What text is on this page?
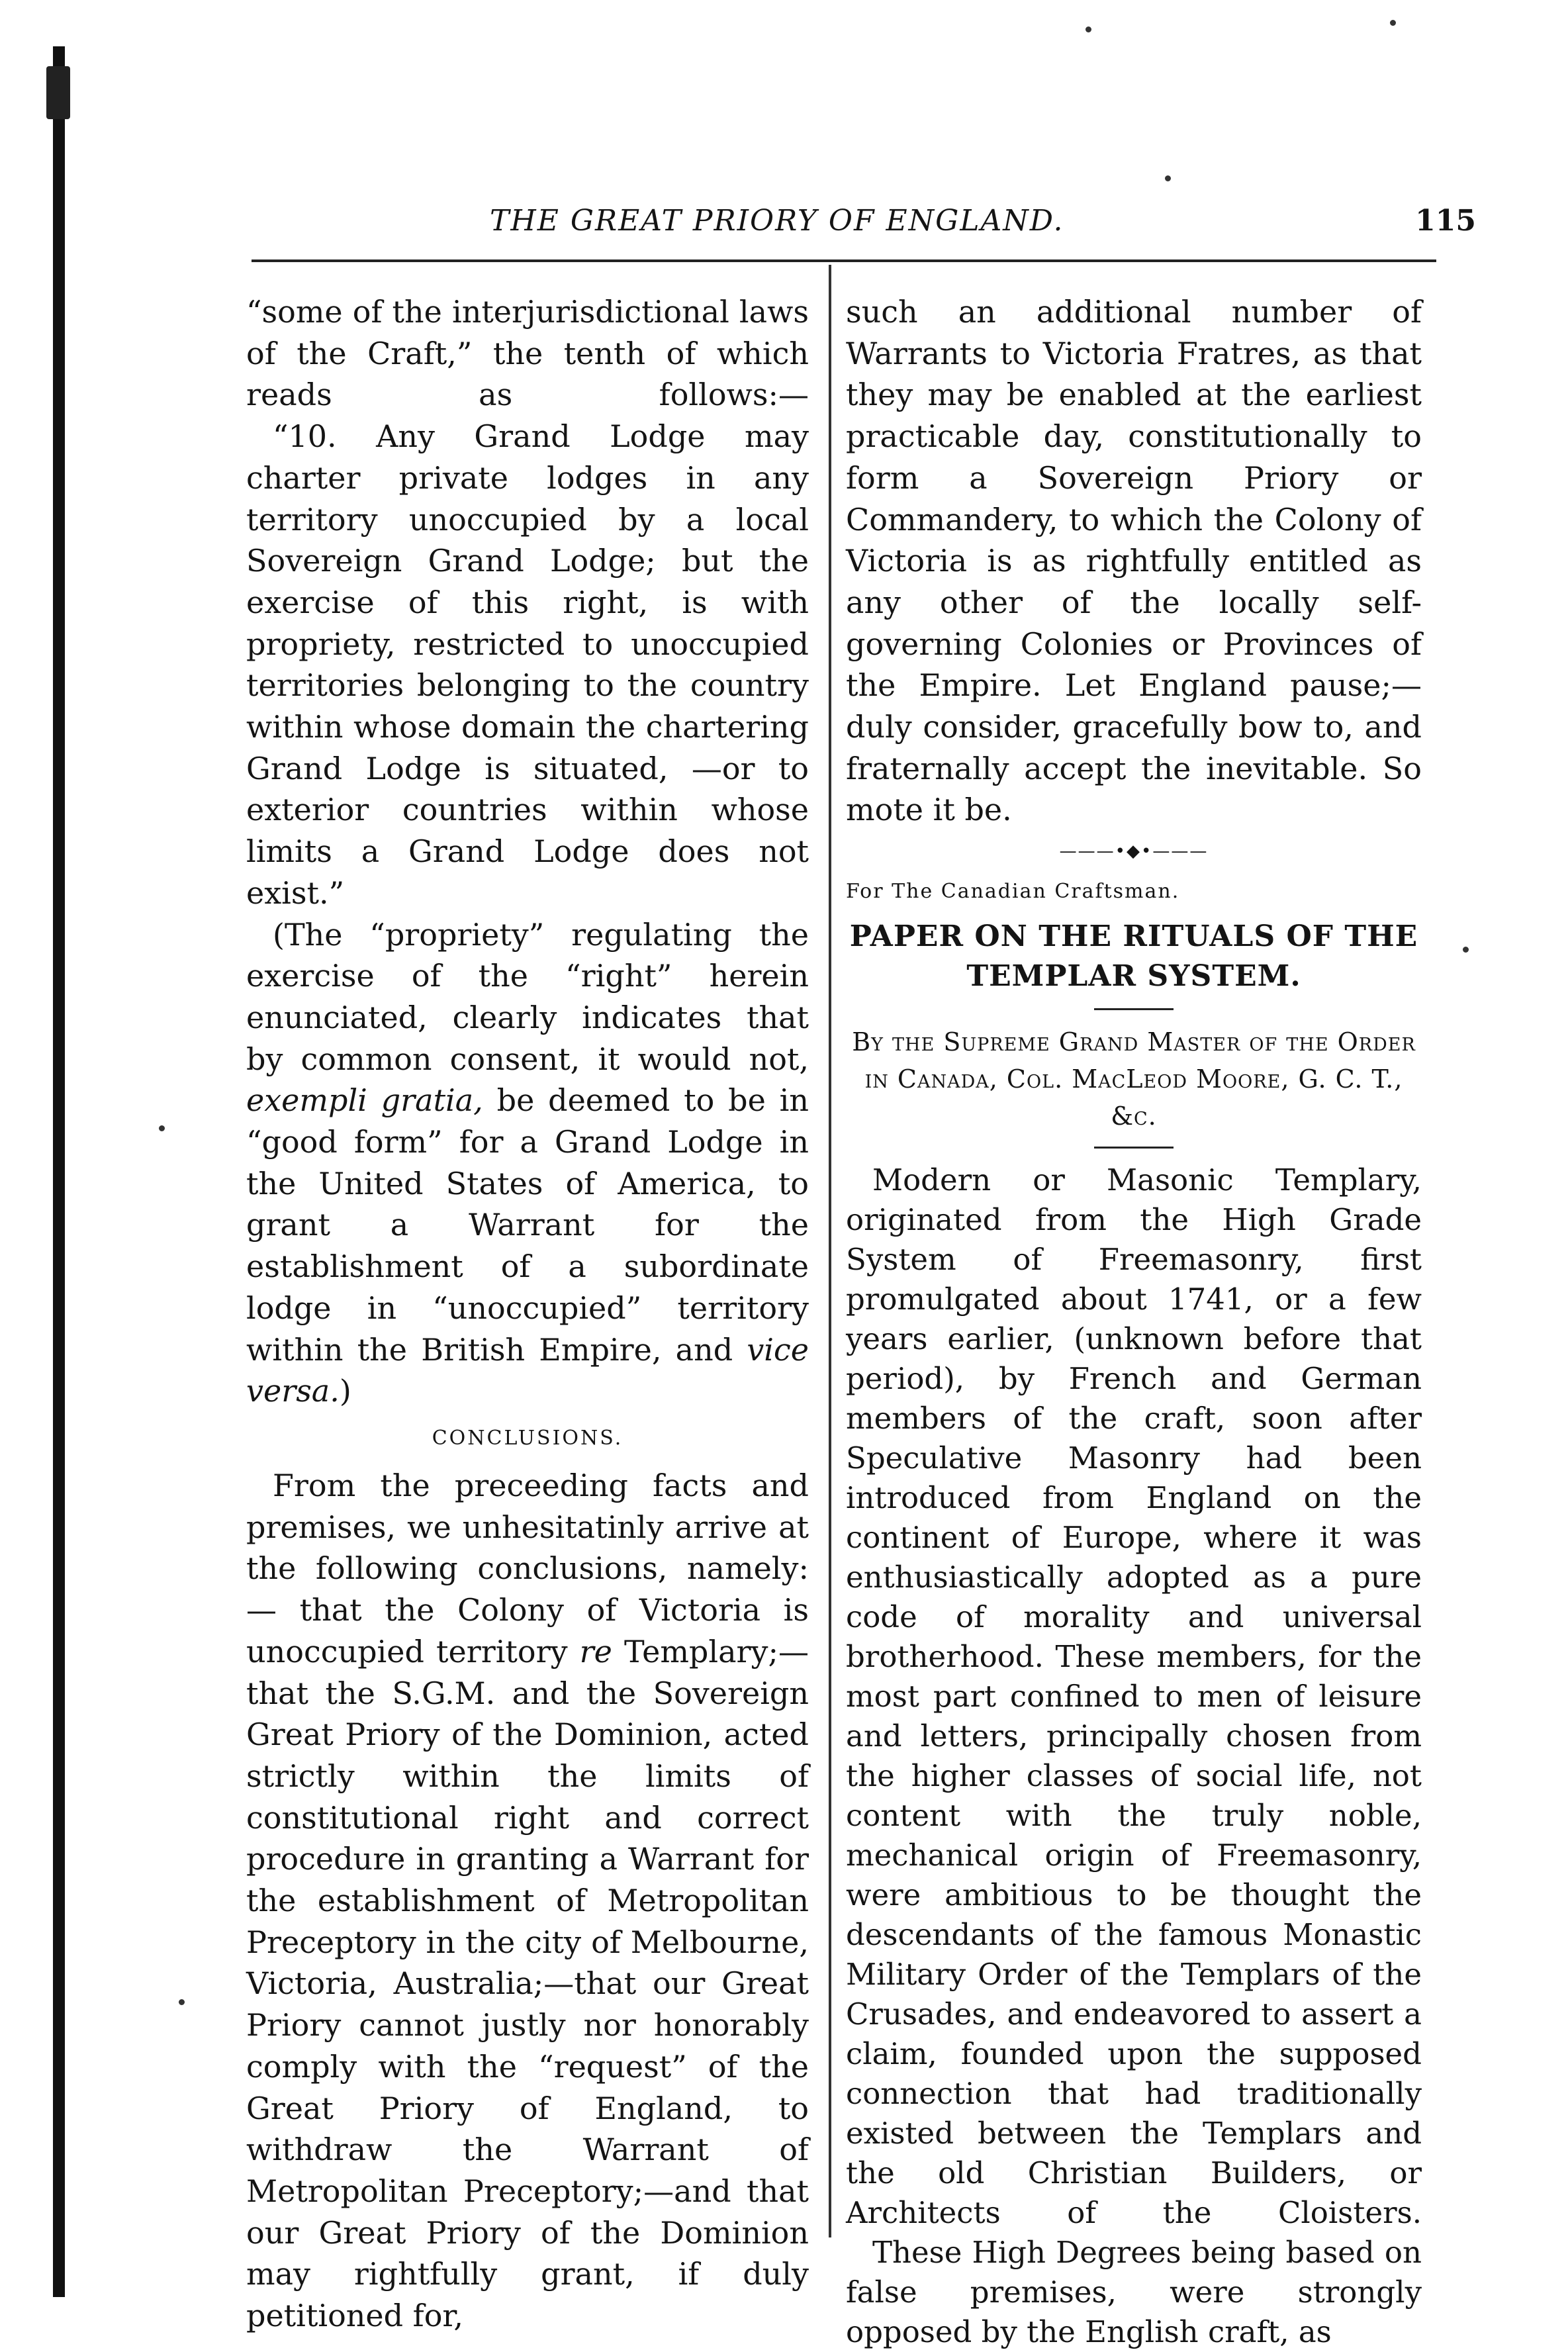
THE GREAT PRIORY OF ENGLAND.	115

“some of the interjurisdictional laws of the Craft,” the tenth of which reads as follows:—

“10. Any Grand Lodge may charter private lodges in any territory unoccupied by a local Sovereign Grand Lodge; but the exercise of this right, is with propriety, restricted to unoccupied territories belonging to the country within whose domain the chartering Grand Lodge is situated, —or to exterior countries within whose limits a Grand Lodge does not exist.”

(The “propriety” regulating the exercise of the “right” herein enunciated, clearly indicates that by common consent, it would not, exempli gratia, be deemed to be in “good form” for a Grand Lodge in the United States of America, to grant a Warrant for the establishment of a subordinate lodge in “unoccupied” territory within the British Empire, and vice versa.)

CONCLUSIONS.

From the preceeding facts and premises, we unhesitatinly arrive at the following conclusions, namely:— that the Colony of Victoria is unoccupied territory re Templary;—that the S.G.M. and the Sovereign Great Priory of the Dominion, acted strictly within the limits of constitutional right and correct procedure in granting a Warrant for the establishment of Metropolitan Preceptory in the city of Melbourne, Victoria, Australia;—that our Great Priory cannot justly nor honorably comply with the “request” of the Great Priory of England, to withdraw the Warrant of Metropolitan Preceptory;—and that our Great Priory of the Dominion may rightfully grant, if duly petitioned for,

such an additional number of Warrants to Victoria Fratres, as that they may be enabled at the earliest practicable day, constitutionally to form a Sovereign Priory or Commandery, to which the Colony of Victoria is as rightfully entitled as any other of the locally self-governing Colonies or Provinces of the Empire. Let England pause;—duly consider, gracefully bow to, and fraternally accept the inevitable. So mote it be.

———•◆•———
For The Canadian Craftsman.
PAPER ON THE RITUALS OF THE TEMPLAR SYSTEM.
By the Supreme Grand Master of the Order in Canada, Col. MacLeod Moore, G. C. T., &c.

Modern or Masonic Templary, originated from the High Grade System of Freemasonry, first promulgated about 1741, or a few years earlier, (unknown before that period), by French and German members of the craft, soon after Speculative Masonry had been introduced from England on the continent of Europe, where it was enthusiastically adopted as a pure code of morality and universal brotherhood. These members, for the most part confined to men of leisure and letters, principally chosen from the higher classes of social life, not content with the truly noble, mechanical origin of Freemasonry, were ambitious to be thought the descendants of the famous Monastic Military Order of the Templars of the Crusades, and endeavored to assert a claim, founded upon the supposed connection that had traditionally existed between the Templars and the old Christian Builders, or Architects of the Cloisters.

These High Degrees being based on false premises, were strongly opposed by the English craft, as
